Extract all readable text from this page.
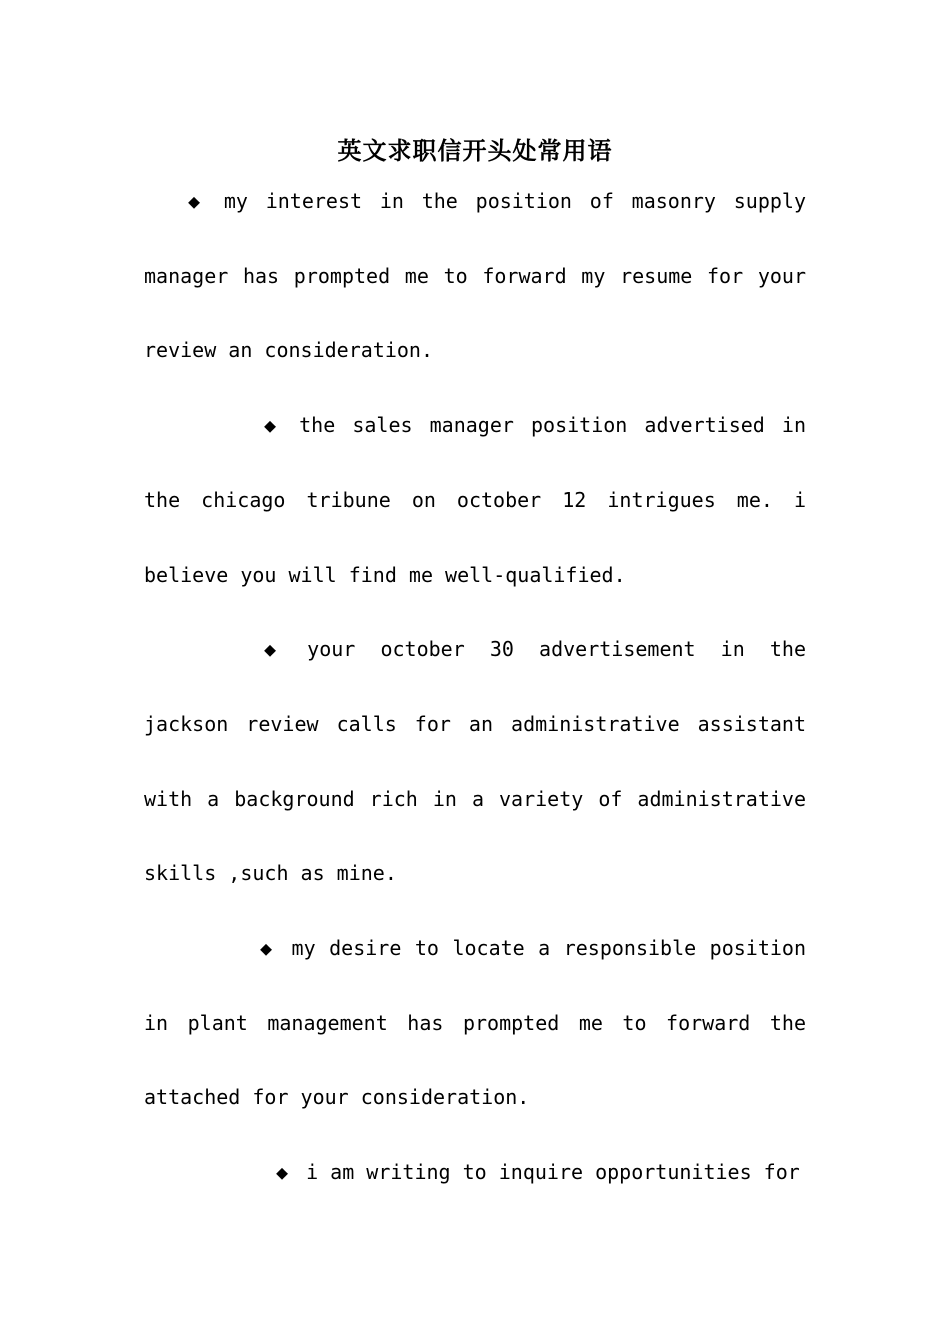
英文求职信开头处常用语

◆ my interest in the position of masonry supply manager has prompted me to forward my resume for your review an consideration.

◆ the sales manager position advertised in the chicago tribune on october 12 intrigues me. i believe you will find me well-qualified.

◆ your october 30 advertisement in the jackson review calls for an administrative assistant with a background rich in a variety of administrative skills ,such as mine.

◆ my desire to locate a responsible position in plant management has prompted me to forward the attached for your consideration.

◆ i am writing to inquire opportunities for
